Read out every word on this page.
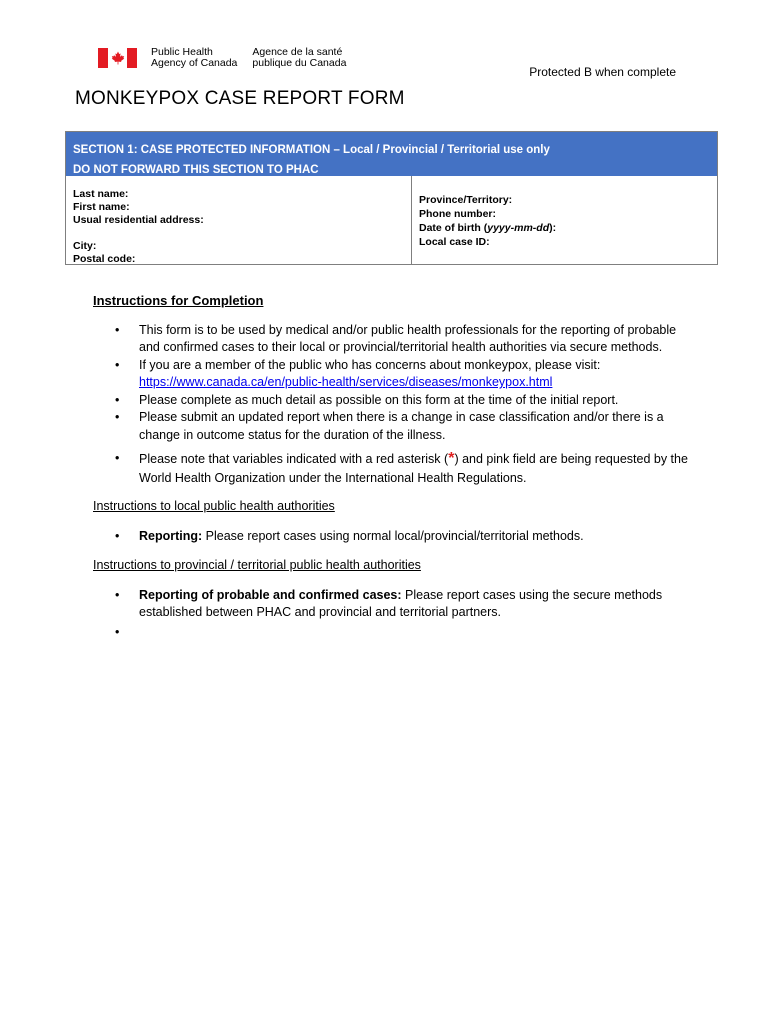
Public Health
Agency of Canada
Agence de la santé
publique du Canada
Protected B when complete
MONKEYPOX CASE REPORT FORM
SECTION 1: CASE PROTECTED INFORMATION – Local / Provincial / Territorial use only
DO NOT FORWARD THIS SECTION TO PHAC
Last name:
First name:
Usual residential address:
City:
Postal code:
Province/Territory:
Phone number:
Date of birth (yyyy-mm-dd):
Local case ID:
Instructions for Completion
• This form is to be used by medical and/or public health professionals for the reporting of probable and confirmed cases to their local or provincial/territorial health authorities via secure methods.
• If you are a member of the public who has concerns about monkeypox, please visit:
https://www.canada.ca/en/public-health/services/diseases/monkeypox.html
• Please complete as much detail as possible on this form at the time of the initial report.
• Please submit an updated report when there is a change in case classification and/or there is a change in outcome status for the duration of the illness.
• Please note that variables indicated with a red asterisk (*) and pink field are being requested by the World Health Organization under the International Health Regulations.
Instructions to local public health authorities
• Reporting: Please report cases using normal local/provincial/territorial methods.
Instructions to provincial / territorial public health authorities
• Reporting of probable and confirmed cases: Please report cases using the secure methods established between PHAC and provincial and territorial partners.
•
